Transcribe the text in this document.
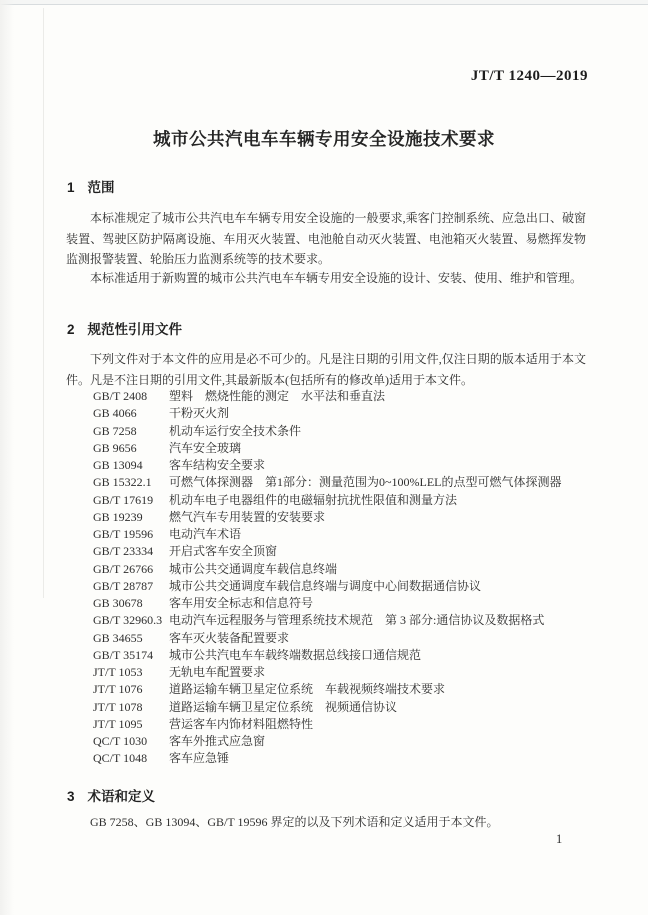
JT/T 1240—2019
城市公共汽电车车辆专用安全设施技术要求
1 范围

本标准规定了城市公共汽电车车辆专用安全设施的一般要求,乘客门控制系统、应急出口、破窗装置、驾驶区防护隔离设施、车用灭火装置、电池舱自动灭火装置、电池箱灭火装置、易燃挥发物监测报警装置、轮胎压力监测系统等的技术要求。

本标准适用于新购置的城市公共汽电车车辆专用安全设施的设计、安装、使用、维护和管理。

2 规范性引用文件

下列文件对于本文件的应用是必不可少的。凡是注日期的引用文件,仅注日期的版本适用于本文件。凡是不注日期的引用文件,其最新版本(包括所有的修改单)适用于本文件。

GB/T 2408	塑料　燃烧性能的测定　水平法和垂直法
GB 4066	干粉灭火剂
GB 7258	机动车运行安全技术条件
GB 9656	汽车安全玻璃
GB 13094	客车结构安全要求
GB 15322.1	可燃气体探测器　第1部分：测量范围为0~100%LEL的点型可燃气体探测器
GB/T 17619	机动车电子电器组件的电磁辐射抗扰性限值和测量方法
GB 19239	燃气汽车专用装置的安装要求
GB/T 19596	电动汽车术语
GB/T 23334	开启式客车安全顶窗
GB/T 26766	城市公共交通调度车载信息终端
GB/T 28787	城市公共交通调度车载信息终端与调度中心间数据通信协议
GB 30678	客车用安全标志和信息符号
GB/T 32960.3 电动汽车远程服务与管理系统技术规范　第 3 部分:通信协议及数据格式
GB 34655	客车灭火装备配置要求
GB/T 35174	城市公共汽电车车载终端数据总线接口通信规范
JT/T 1053	无轨电车配置要求
JT/T 1076	道路运输车辆卫星定位系统　车载视频终端技术要求
JT/T 1078	道路运输车辆卫星定位系统　视频通信协议
JT/T 1095	营运客车内饰材料阻燃特性
QC/T 1030	客车外推式应急窗
QC/T 1048	客车应急锤
3 术语和定义

GB 7258、GB 13094、GB/T 19596 界定的以及下列术语和定义适用于本文件。

1
